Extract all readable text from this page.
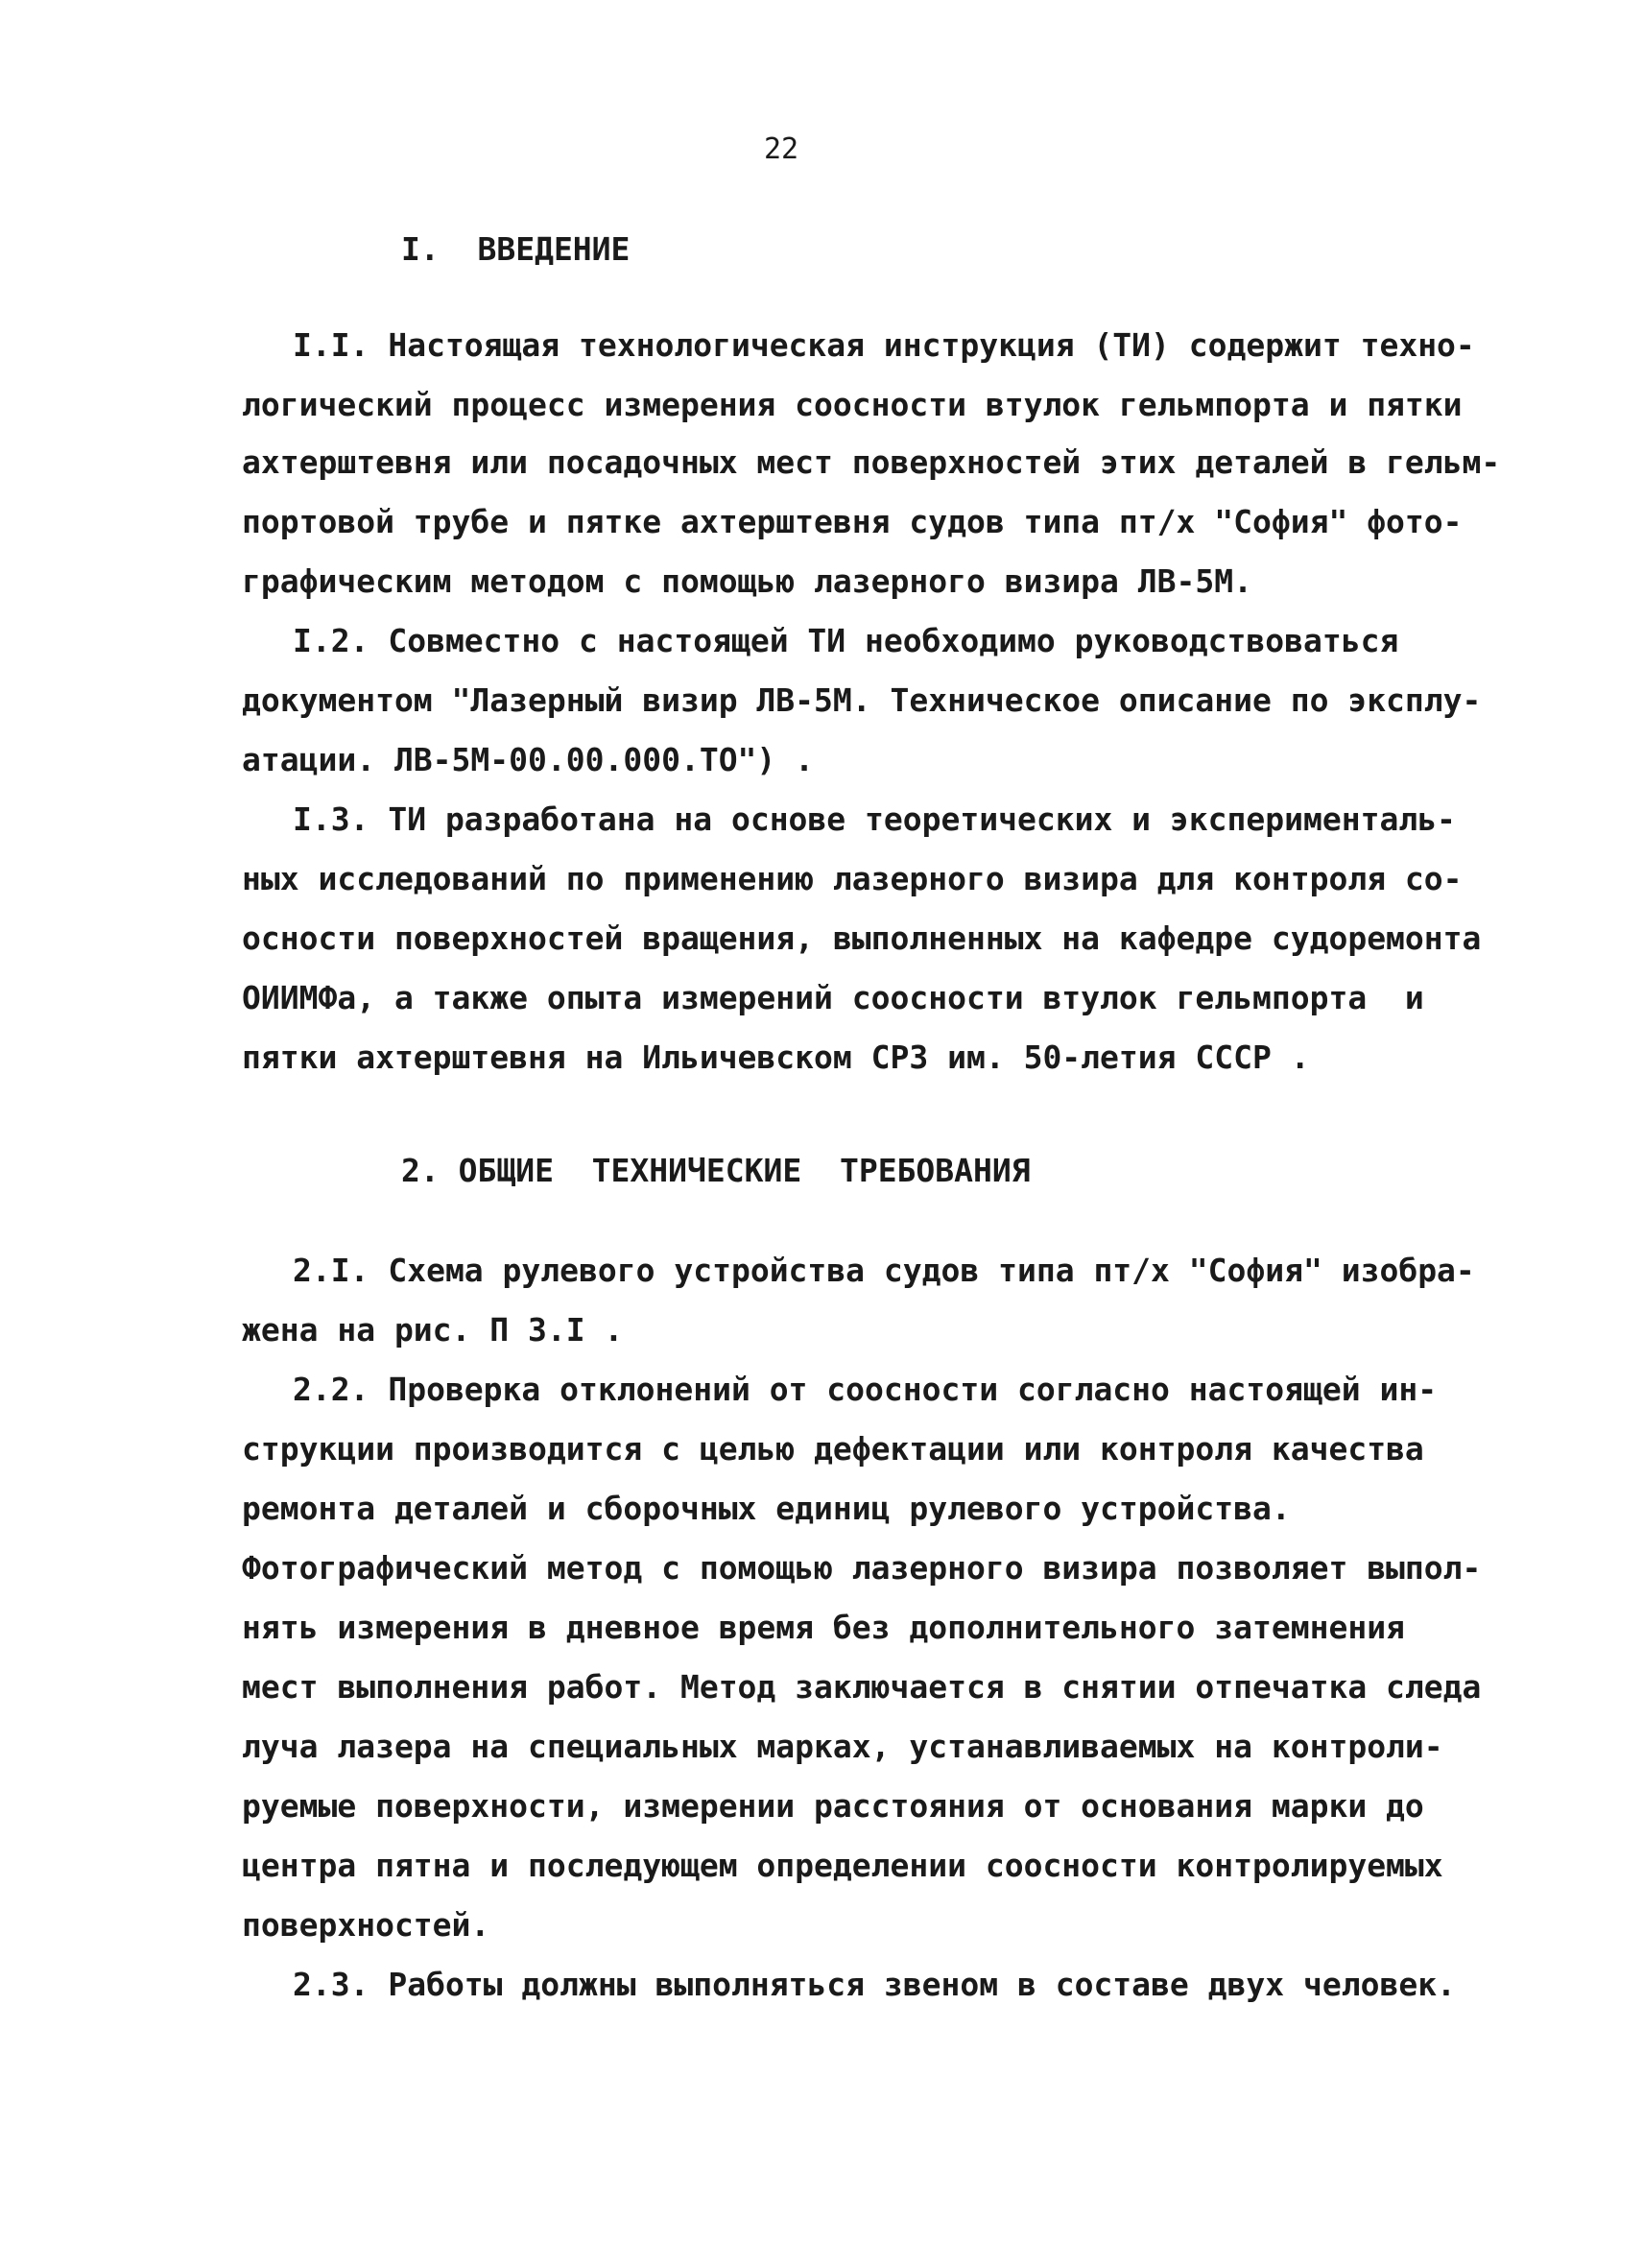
22
I.  ВВЕДЕНИЕ
I.I. Настоящая технологическая инструкция (ТИ) содержит техно-
логический процесс измерения соосности втулок гельмпорта и пятки
ахтерштевня или посадочных мест поверхностей этих деталей в гельм-
портовой трубе и пятке ахтерштевня судов типа пт/х "София" фото-
графическим методом с помощью лазерного визира ЛВ-5М.
I.2. Совместно с настоящей ТИ необходимо руководствоваться
документом "Лазерный визир ЛВ-5М. Техническое описание по эксплу-
атации. ЛВ-5М-00.00.000.ТО") .
I.3. ТИ разработана на основе теоретических и эксперименталь-
ных исследований по применению лазерного визира для контроля со-
осности поверхностей вращения, выполненных на кафедре судоремонта
ОИИМФа, а также опыта измерений соосности втулок гельмпорта  и
пятки ахтерштевня на Ильичевском СРЗ им. 50-летия СССР .
2. ОБЩИЕ  ТЕХНИЧЕСКИЕ  ТРЕБОВАНИЯ
2.I. Схема рулевого устройства судов типа пт/х "София" изобра-
жена на рис. П 3.I .
2.2. Проверка отклонений от соосности согласно настоящей ин-
струкции производится с целью дефектации или контроля качества
ремонта деталей и сборочных единиц рулевого устройства.
Фотографический метод с помощью лазерного визира позволяет выпол-
нять измерения в дневное время без дополнительного затемнения
мест выполнения работ. Метод заключается в снятии отпечатка следа
луча лазера на специальных марках, устанавливаемых на контроли-
руемые поверхности, измерении расстояния от основания марки до
центра пятна и последующем определении соосности контролируемых
поверхностей.
2.3. Работы должны выполняться звеном в составе двух человек.
